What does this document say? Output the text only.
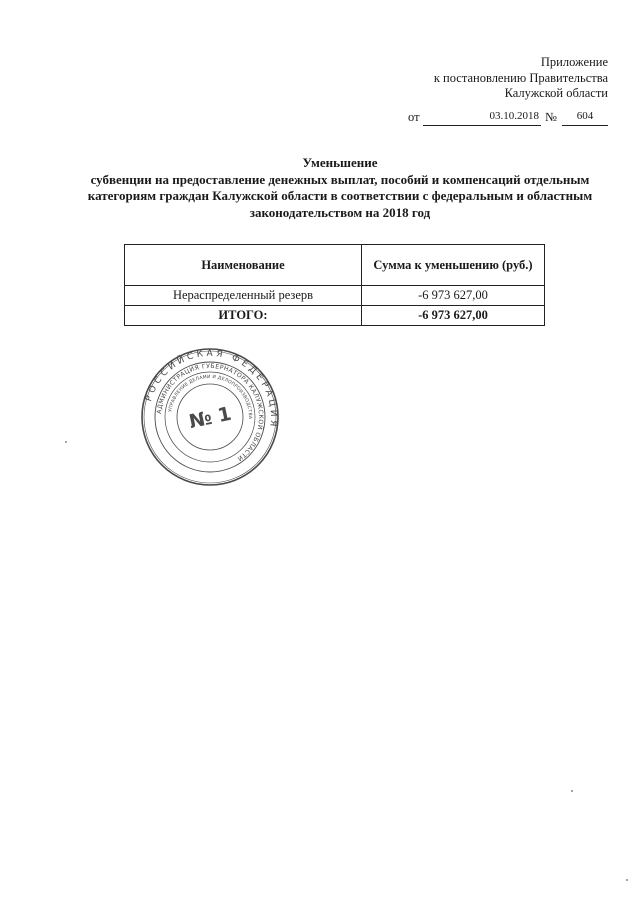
Приложение
к постановлению Правительства
Калужской области
от	03.10.2018 №	604
Уменьшение
субвенции на предоставление денежных выплат, пособий и компенсаций отдельным
категориям граждан Калужской области в соответствии с федеральным и областным
законодательством на 2018 год
Наименование	Сумма к уменьшению (руб.)
Нераспределенный резерв	-6 973 627,00
ИТОГО:	-6 973 627,00
РОССИЙСКАЯ ФЕДЕРАЦИЯ
АДМИНИСТРАЦИЯ ГУБЕРНАТОРА КАЛУЖСКОЙ ОБЛАСТИ
УПРАВЛЕНИЕ ДЕЛАМИ И ДЕЛОПРОИЗВОДСТВА
№ 1
